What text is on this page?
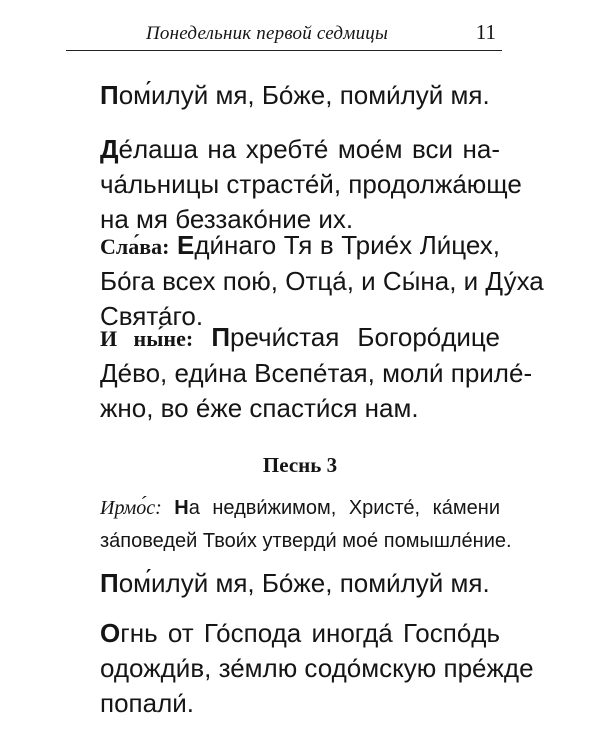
Понедельник первой седмицы	11
Пом́илуй мя, Бо́же, поми́луй мя.
Де́лаша на хребте́ мое́м вси на-
ча́льницы страсте́й, продолжа́юще
на мя беззако́ние их.
Сла́ва: Еди́наго Тя в Трие́х Ли́цех,
Бо́га всех пою́, Отца́, и Сы́на, и Ду́ха
Свята́го.
И ны́не: Пречи́стая Богоро́дице
Де́во, еди́на Всепе́тая, моли́ приле́-
жно, во е́же спасти́ся нам.
Песнь 3
Ирмо́с: На недви́жимом, Христе́, ка́мени
за́поведей Твои́х утверди́ мое́ помышле́ние.
Пом́илуй мя, Бо́же, поми́луй мя.
Огнь от Го́спода иногда́ Госпо́дь
одожди́в, зе́млю содо́мскую пре́жде
попали́.
